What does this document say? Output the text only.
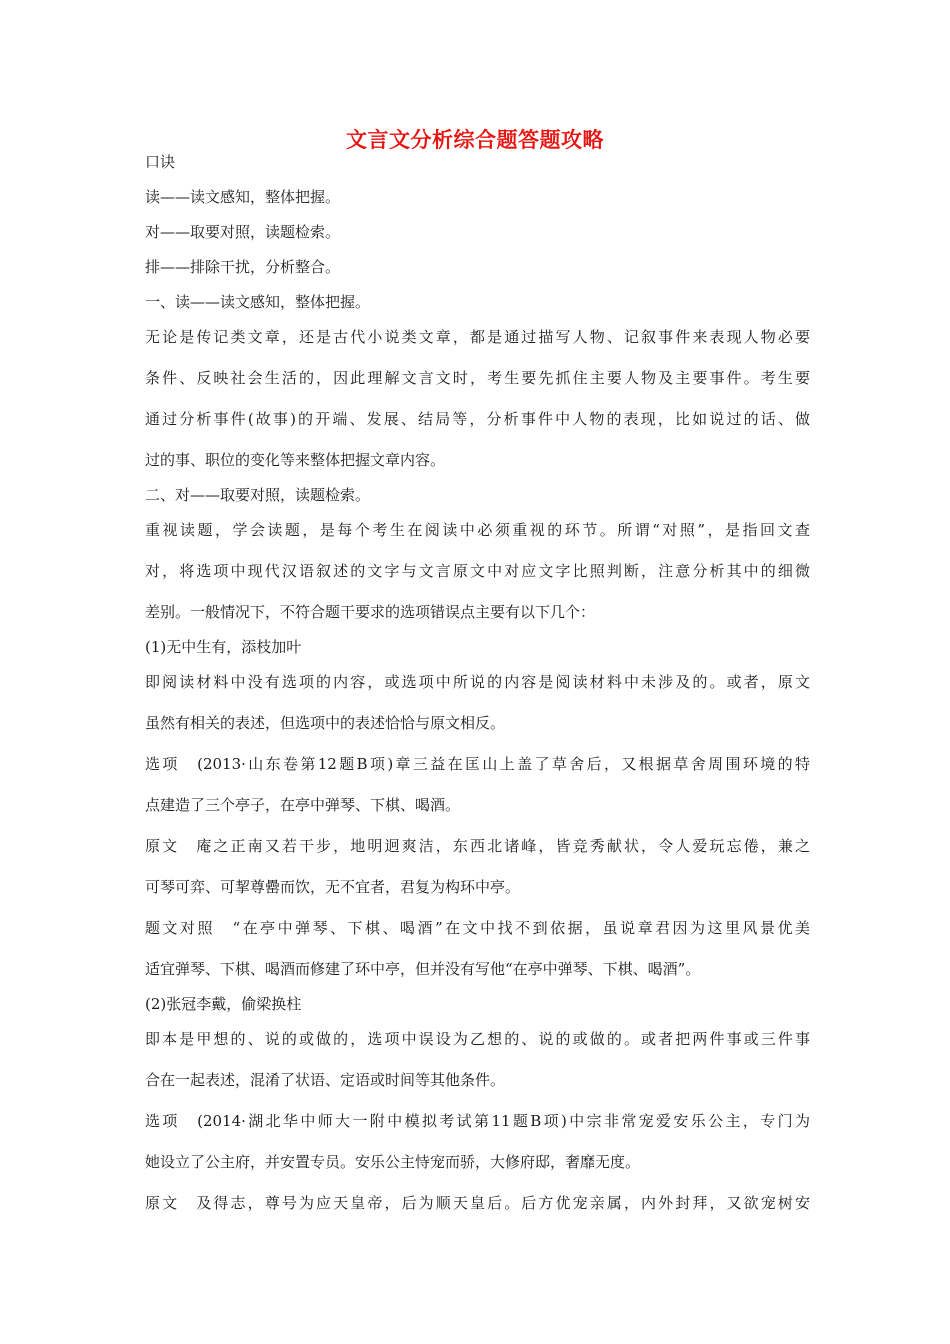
文言文分析综合题答题攻略
口诀
读——读文感知，整体把握。
对——取要对照，读题检索。
排——排除干扰，分析整合。
一、读——读文感知，整体把握。
无论是传记类文章，还是古代小说类文章，都是通过描写人物、记叙事件来表现人物必要
条件、反映社会生活的，因此理解文言文时，考生要先抓住主要人物及主要事件。考生要
通过分析事件(故事)的开端、发展、结局等，分析事件中人物的表现，比如说过的话、做
过的事、职位的变化等来整体把握文章内容。
二、对——取要对照，读题检索。
重视读题，学会读题，是每个考生在阅读中必须重视的环节。所谓“对照”，是指回文查
对，将选项中现代汉语叙述的文字与文言原文中对应文字比照判断，注意分析其中的细微
差别。一般情况下，不符合题干要求的选项错误点主要有以下几个：
(1)无中生有，添枝加叶
即阅读材料中没有选项的内容，或选项中所说的内容是阅读材料中未涉及的。或者，原文
虽然有相关的表述，但选项中的表述恰恰与原文相反。
选项　(2013·山东卷第12题B项)章三益在匡山上盖了草舍后，又根据草舍周围环境的特
点建造了三个亭子，在亭中弹琴、下棋、喝酒。
原文　庵之正南又若干步，地明迥爽洁，东西北诸峰，皆竞秀献状，令人爱玩忘倦，兼之
可琴可弈、可挈尊罍而饮，无不宜者，君复为构环中亭。
题文对照　“在亭中弹琴、下棋、喝酒”在文中找不到依据，虽说章君因为这里风景优美
适宜弹琴、下棋、喝酒而修建了环中亭，但并没有写他“在亭中弹琴、下棋、喝酒”。
(2)张冠李戴，偷梁换柱
即本是甲想的、说的或做的，选项中误设为乙想的、说的或做的。或者把两件事或三件事
合在一起表述，混淆了状语、定语或时间等其他条件。
选项　(2014·湖北华中师大一附中模拟考试第11题B项)中宗非常宠爱安乐公主，专门为
她设立了公主府，并安置专员。安乐公主恃宠而骄，大修府邸，奢靡无度。
原文　及得志，尊号为应天皇帝，后为顺天皇后。后方优宠亲属，内外封拜，又欲宠树安
